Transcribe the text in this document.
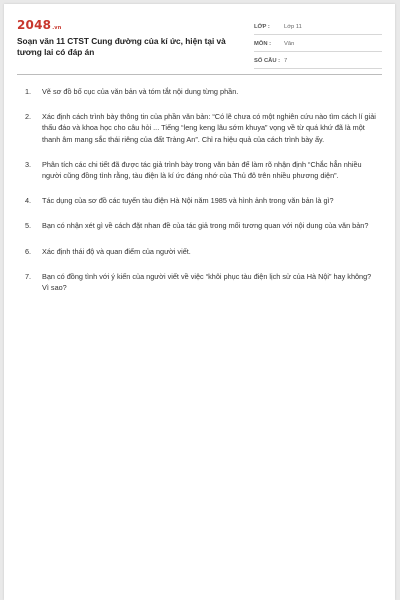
2048.vn
Soạn văn 11 CTST Cung đường của kí ức, hiện tại và tương lai có đáp án
LỚP :	Lớp 11
MÔN :	Văn
SỐ CÂU : 7
1.	Vẽ sơ đồ bố cục của văn bản và tóm tắt nội dung từng phần.
2.	Xác định cách trình bày thông tin của phần văn bản: “Có lẽ chưa có một nghiên cứu nào tìm cách lí giải thấu đáo và khoa học cho câu hỏi ... Tiếng “leng keng lâu sớm khuya” vọng về từ quá khứ đã là một thanh âm mang sắc thái riêng của đất Tràng An”. Chỉ ra hiệu quả của cách trình bày ấy.
3.	Phân tích các chi tiết đã được tác giả trình bày trong văn bản để làm rõ nhận định “Chắc hẳn nhiều người cũng đồng tình rằng, tàu điện là kí ức đáng nhớ của Thủ đô trên nhiều phương diện”.
4.	Tác dụng của sơ đồ các tuyến tàu điện Hà Nội năm 1985 và hình ảnh trong văn bản là gì?
5.	Bạn có nhận xét gì về cách đặt nhan đề của tác giả trong mối tương quan với nội dung của văn bản?
6.	Xác định thái độ và quan điểm của người viết.
7.	Bạn có đồng tình với ý kiến của người viết về việc “khôi phục tàu điện lịch sử của Hà Nội” hay không? Vì sao?
